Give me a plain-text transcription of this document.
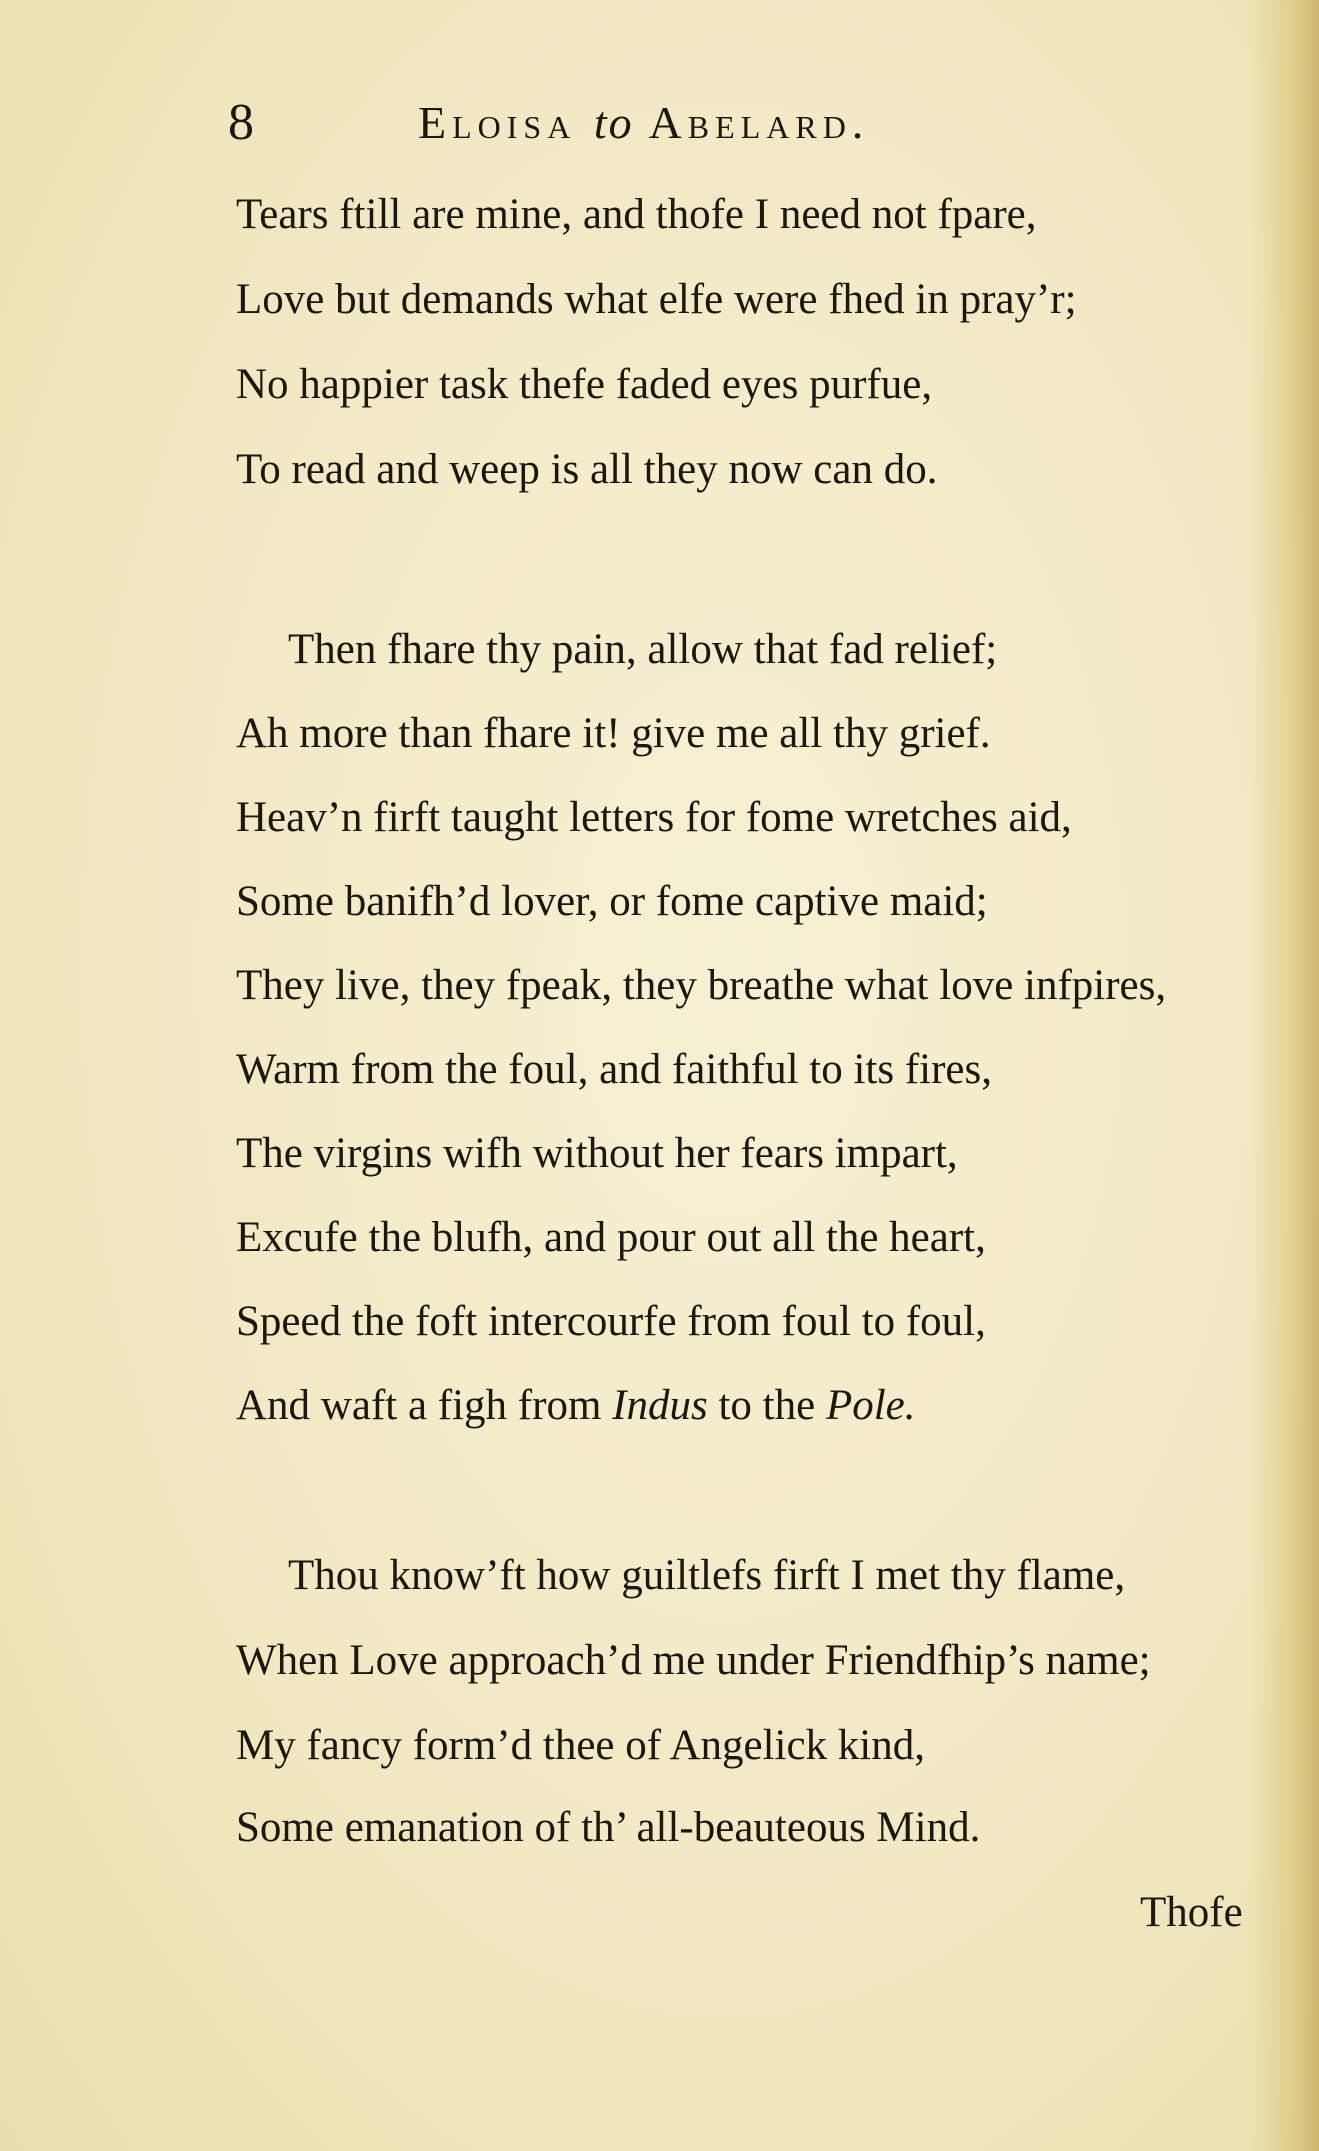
8	Eloisa to Abelard.
Tears ftill are mine, and thofe I need not fpare,
Love but demands what elfe were fhed in pray’r;
No happier task thefe faded eyes purfue,
To read and weep is all they now can do.
Then fhare thy pain, allow that fad relief;
Ah more than fhare it! give me all thy grief.
Heav’n firft taught letters for fome wretches aid,
Some banifh’d lover, or fome captive maid;
They live, they fpeak, they breathe what love infpires,
Warm from the foul, and faithful to its fires,
The virgins wifh without her fears impart,
Excufe the blufh, and pour out all the heart,
Speed the foft intercourfe from foul to foul,
And waft a figh from Indus to the Pole.
Thou know’ft how guiltlefs firft I met thy flame,
When Love approach’d me under Friendfhip’s name;
My fancy form’d thee of Angelick kind,
Some emanation of th’ all-beauteous Mind.
Thofe
